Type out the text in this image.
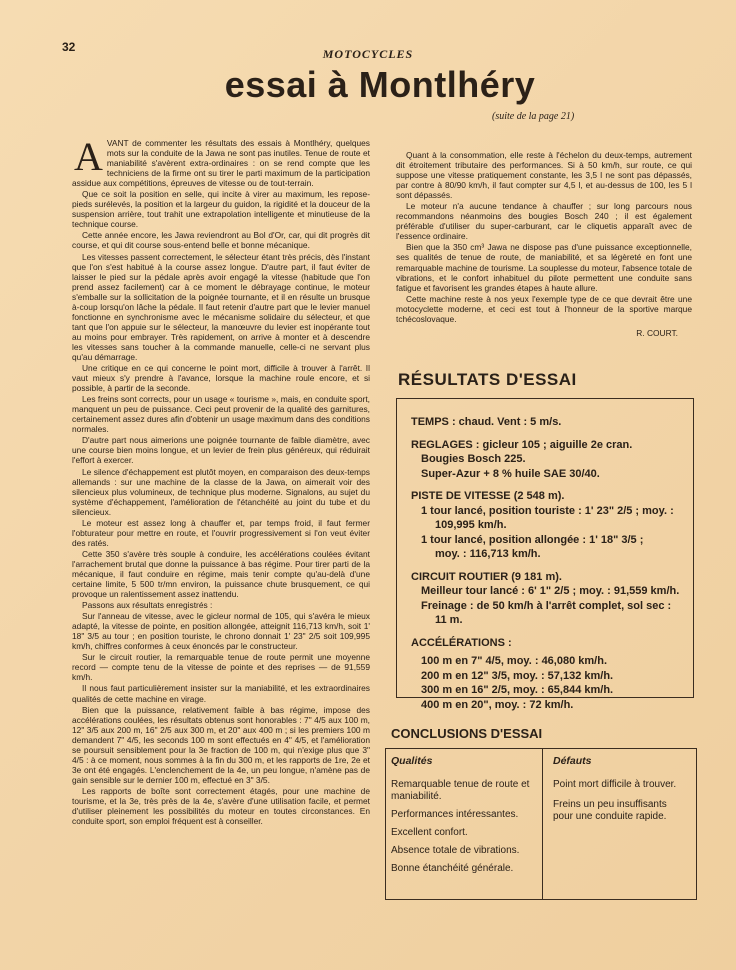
32	MOTOCYCLES
essai à Montlhéry
(suite de la page 21)

AVANT de commenter les résultats des essais à Montlhéry, quelques mots sur la conduite de la Jawa ne sont pas inutiles. Tenue de route et maniabilité s'avèrent extra-ordinaires : on se rend compte que les techniciens de la firme ont su tirer le parti maximum de la participation assidue aux compétitions, épreuves de vitesse ou de tout-terrain.

Que ce soit la position en selle, qui incite à virer au maximum, les repose-pieds surélevés, la position et la largeur du guidon, la rigidité et la douceur de la suspension arrière, tout trahit une extrapolation intelligente et minutieuse de la technique course.

Cette année encore, les Jawa reviendront au Bol d'Or, car, qui dit progrès dit course, et qui dit course sous-entend belle et bonne mécanique.

Les vitesses passent correctement, le sélecteur étant très précis, dès l'instant que l'on s'est habitué à la course assez longue. D'autre part, il faut éviter de laisser le pied sur la pédale après avoir engagé la vitesse (habitude que l'on prend assez facilement) car à ce moment le débrayage continue, le moteur s'emballe sur la sollicitation de la poignée tournante, et il en résulte un brusque à-coup lorsqu'on lâche la pédale. Il faut retenir d'autre part que le levier manuel fonctionne en synchronisme avec le mécanisme solidaire du sélecteur, et que tant que l'on appuie sur le sélecteur, la manœuvre du levier est inopérante tout au moins pour embrayer. Très rapidement, on arrive à monter et à descendre les vitesses sans toucher à la commande manuelle, celle-ci ne servant plus qu'au démarrage.

Une critique en ce qui concerne le point mort, difficile à trouver à l'arrêt. Il vaut mieux s'y prendre à l'avance, lorsque la machine roule encore, et si possible, à partir de la seconde.

Les freins sont corrects, pour un usage « tourisme », mais, en conduite sport, manquent un peu de puissance. Ceci peut provenir de la qualité des garnitures, certainement assez dures afin d'obtenir un usage maximum dans des conditions normales.

D'autre part nous aimerions une poignée tournante de faible diamètre, avec une course bien moins longue, et un levier de frein plus généreux, qui réduirait l'effort à exercer.

Le silence d'échappement est plutôt moyen, en comparaison des deux-temps allemands : sur une machine de la classe de la Jawa, on aimerait voir des silencieux plus volumineux, de technique plus moderne. Signalons, au sujet du système d'échappement, l'amélioration de l'étanchéité au joint du tube et du silencieux.

Le moteur est assez long à chauffer et, par temps froid, il faut fermer l'obturateur pour mettre en route, et l'ouvrir progressivement si l'on veut éviter des ratés.

Cette 350 s'avère très souple à conduire, les accélérations coulées évitant l'arrachement brutal que donne la puissance à bas régime. Pour tirer parti de la mécanique, il faut conduire en régime, mais tenir compte qu'au-delà d'une certaine limite, 5 500 tr/mn environ, la puissance chute brusquement, ce qui provoque un ralentissement assez inattendu.

Passons aux résultats enregistrés :

Sur l'anneau de vitesse, avec le gicleur normal de 105, qui s'avéra le mieux adapté, la vitesse de pointe, en position allongée, atteignit 116,713 km/h, soit 1' 18" 3/5 au tour ; en position touriste, le chrono donnait 1' 23" 2/5 soit 109,995 km/h, chiffres conformes à ceux énoncés par le constructeur.

Sur le circuit routier, la remarquable tenue de route permit une moyenne record — compte tenu de la vitesse de pointe et des reprises — de 91,559 km/h.

Il nous faut particulièrement insister sur la maniabilité, et les extraordinaires qualités de cette machine en virage.

Bien que la puissance, relativement faible à bas régime, impose des accélérations coulées, les résultats obtenus sont honorables : 7" 4/5 aux 100 m, 12" 3/5 aux 200 m, 16" 2/5 aux 300 m, et 20" aux 400 m ; si les premiers 100 m demandent 7" 4/5, les seconds 100 m sont effectués en 4" 4/5, et l'amélioration se poursuit sensiblement pour la 3e fraction de 100 m, qui n'exige plus que 3" 4/5 : à ce moment, nous sommes à la fin du 300 m, et les rapports de 1re, 2e et 3e ont été engagés. L'enclenchement de la 4e, un peu longue, n'amène pas de gain sensible sur le dernier 100 m, effectué en 3" 3/5.

Les rapports de boîte sont correctement étagés, pour une machine de tourisme, et la 3e, très près de la 4e, s'avère d'une utilisation facile, et permet d'utiliser pleinement les possibilités du moteur en toutes circonstances. En conduite sport, son emploi fréquent est à conseiller.

Quant à la consommation, elle reste à l'échelon du deux-temps, autrement dit étroitement tributaire des performances. Si à 50 km/h, sur route, ce qui suppose une vitesse pratiquement constante, les 3,5 l ne sont pas dépassés, par contre à 80/90 km/h, il faut compter sur 4,5 l, et au-dessus de 100, les 5 l sont dépassés.

Le moteur n'a aucune tendance à chauffer ; sur long parcours nous recommandons néanmoins des bougies Bosch 240 ; il est également préférable d'utiliser du super-carburant, car le cliquetis apparaît avec de l'essence ordinaire.

Bien que la 350 cm³ Jawa ne dispose pas d'une puissance exceptionnelle, ses qualités de tenue de route, de maniabilité, et sa légèreté en font une remarquable machine de tourisme. La souplesse du moteur, l'absence totale de vibrations, et le confort inhabituel du pilote permettent une conduite sans fatigue et favorisent les grandes étapes à haute allure.

Cette machine reste à nos yeux l'exemple type de ce que devrait être une motocyclette moderne, et ceci est tout à l'honneur de la sportive marque tchécoslovaque.

R. COURT.
RÉSULTATS D'ESSAI
TEMPS : chaud. Vent : 5 m/s.
REGLAGES : gicleur 105 ; aiguille 2e cran.
Bougies Bosch 225.
Super-Azur + 8 % huile SAE 30/40.
PISTE DE VITESSE (2 548 m).
1 tour lancé, position touriste : 1' 23" 2/5 ; moy. :
109,995 km/h.
1 tour lancé, position allongée : 1' 18" 3/5 ;
moy. : 116,713 km/h.
CIRCUIT ROUTIER (9 181 m).
Meilleur tour lancé : 6' 1" 2/5 ; moy. : 91,559 km/h.
Freinage : de 50 km/h à l'arrêt complet, sol sec :
11 m.
ACCÉLÉRATIONS :
100 m en 7" 4/5, moy. : 46,080 km/h.
200 m en 12" 3/5, moy. : 57,132 km/h.
300 m en 16" 2/5, moy. : 65,844 km/h.
400 m en 20", moy. : 72 km/h.
CONCLUSIONS D'ESSAI
Qualités
Remarquable tenue de route et maniabilité.
Performances intéressantes.
Excellent confort.
Absence totale de vibrations.
Bonne étanchéité générale.
Défauts
Point mort difficile à trouver.
Freins un peu insuffisants pour une conduite rapide.
